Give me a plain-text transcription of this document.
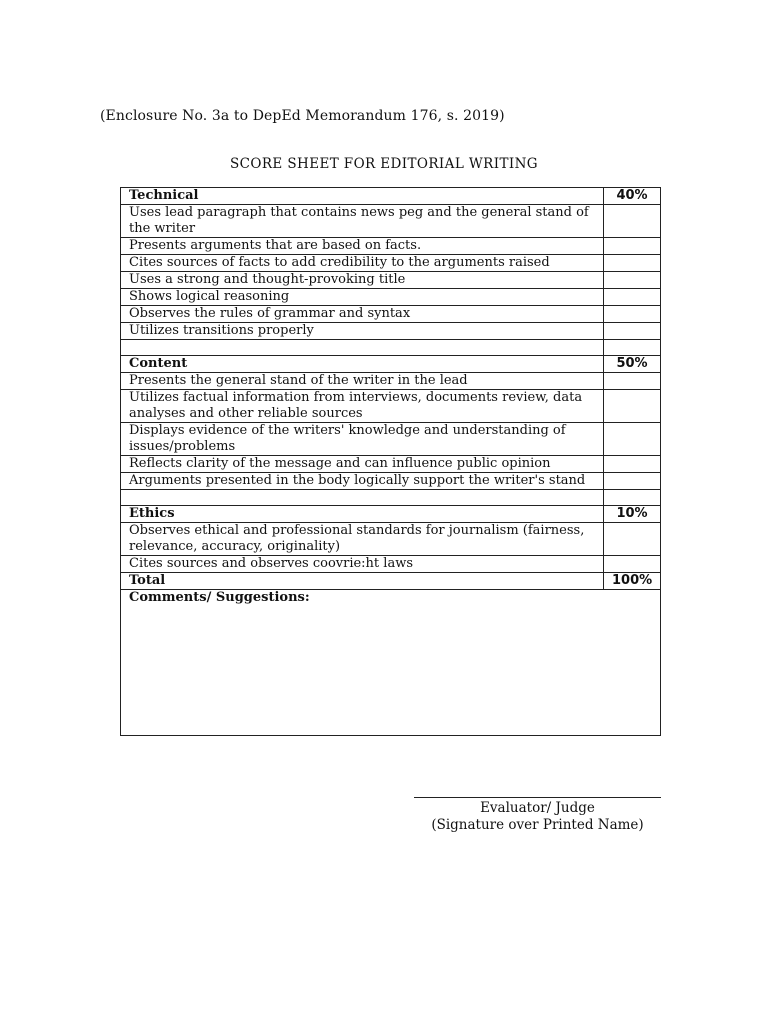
(Enclosure No. 3a to DepEd Memorandum 176, s. 2019)
SCORE SHEET FOR EDITORIAL WRITING
Technical	40%
Uses lead paragraph that contains news peg and the general stand of the writer	
Presents arguments that are based on facts.	
Cites sources of facts to add credibility to the arguments raised	
Uses a strong and thought-provoking title	
Shows logical reasoning	
Observes the rules of grammar and syntax	
Utilizes transitions properly	

Content	50%
Presents the general stand of the writer in the lead	
Utilizes factual information from interviews, documents review, data analyses and other reliable sources	
Displays evidence of the writers' knowledge and understanding of issues/problems	
Reflects clarity of the message and can influence public opinion	
Arguments presented in the body logically support the writer's stand	

Ethics	10%
Observes ethical and professional standards for journalism (fairness, relevance, accuracy, originality)	
Cites sources and observes coovrie:ht laws	
Total	100%
Comments/ Suggestions:	
Evaluator/ Judge
(Signature over Printed Name)
